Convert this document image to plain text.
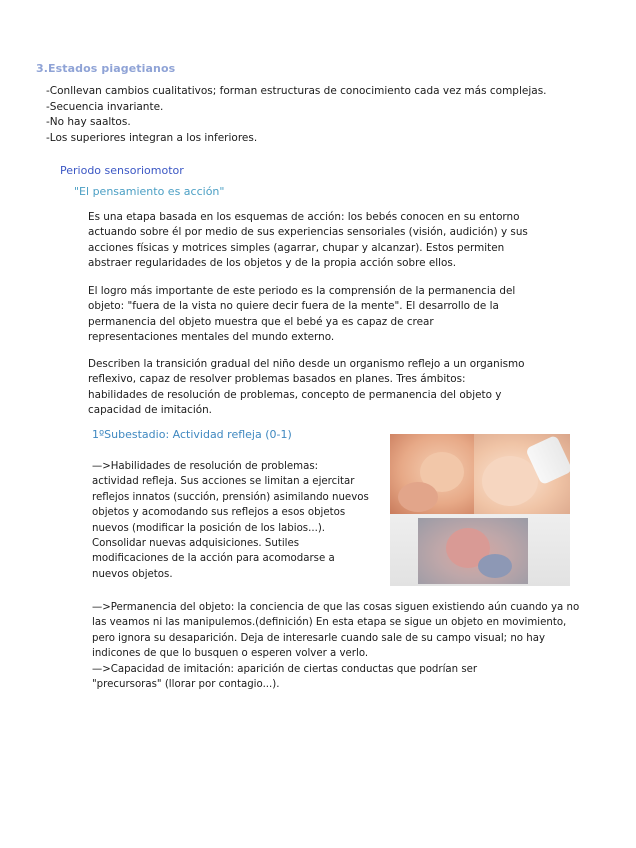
3.Estados piagetianos
-Conllevan cambios cualitativos; forman estructuras de conocimiento cada vez más complejas.
-Secuencia invariante.
-No hay saaltos.
-Los superiores integran a los inferiores.
Periodo sensoriomotor
"El pensamiento es acción"
Es una etapa basada en los esquemas de acción: los bebés conocen en su entorno
actuando sobre él por medio de sus experiencias sensoriales (visión, audición) y sus
acciones físicas y motrices simples (agarrar, chupar y alcanzar). Estos permiten
abstraer regularidades de los objetos y de la propia acción sobre ellos.
El logro más importante de este periodo es la comprensión de la permanencia del
objeto: "fuera de la vista no quiere decir fuera de la mente". El desarrollo de la
permanencia del objeto muestra que el bebé ya es capaz de crear
representaciones mentales del mundo externo.
Describen la transición gradual del niño desde un organismo reflejo a un organismo
reflexivo, capaz de resolver problemas basados en planes. Tres ámbitos:
habilidades de resolución de problemas, concepto de permanencia del objeto y
capacidad de imitación.
1ºSubestadio: Actividad refleja (0-1)
—>Habilidades de resolución de problemas:
actividad refleja. Sus acciones se limitan a ejercitar
reflejos innatos (succión, prensión) asimilando nuevos
objetos y acomodando sus reflejos a esos objetos
nuevos (modificar la posición de los labios...).
Consolidar nuevas adquisiciones. Sutiles
modificaciones de la acción para acomodarse a
nuevos objetos.
—>Permanencia del objeto: la conciencia de que las cosas siguen existiendo aún cuando ya no
las veamos ni las manipulemos.(definición) En esta etapa se sigue un objeto en movimiento,
pero ignora su desaparición. Deja de interesarle cuando sale de su campo visual; no hay
indicones de que lo busquen o esperen volver a verlo.
—>Capacidad de imitación: aparición de ciertas conductas que podrían ser
"precursoras" (llorar por contagio...).
